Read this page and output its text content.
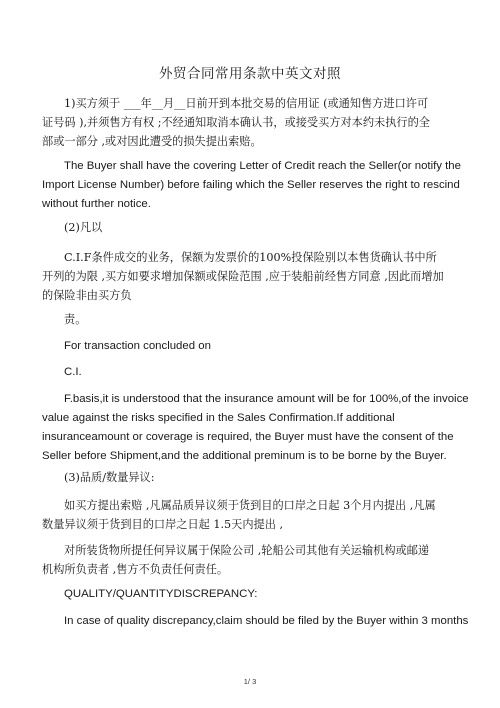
外贸合同常用条款中英文对照
1)买方须于 ___年__月__日前开到本批交易的信用证 (或通知售方进口许可
证号码 ),并须售方有权 ;不经通知取消本确认书，或接受买方对本约未执行的全
部或一部分 ,或对因此遭受的损失提出索赔。
The Buyer shall have the covering Letter of Credit reach the Seller(or notify the
Import License Number) before failing which the Seller reserves the right to rescind
without further notice.
(2)凡以
C.I.F条件成交的业务，保额为发票价的100%投保险别以本售货确认书中所
开列的为限 ,买方如要求增加保额或保险范围 ,应于装船前经售方同意 ,因此而增加
的保险非由买方负
责。
For transaction concluded on
C.I.
F.basis,it is understood that the insurance amount will be for 100%,of the invoice
value against the risks specified in the Sales Confirmation.If additional
insuranceamount or coverage is required, the Buyer must have the consent of the
Seller before Shipment,and the additional preminum is to be borne by the Buyer.
(3)品质/数量异议:
如买方提出索赔 ,凡属品质异议须于货到目的口岸之日起 3个月内提出 ,凡属
数量异议须于货到目的口岸之日起 1.5天内提出 ,
对所装货物所提任何异议属于保险公司 ,轮船公司其他有关运输机构或邮递
机构所负责者 ,售方不负责任何责任。
QUALITY/QUANTITYDISCREPANCY:
In case of quality discrepancy,claim should be filed by the Buyer within 3 months
1/ 3
